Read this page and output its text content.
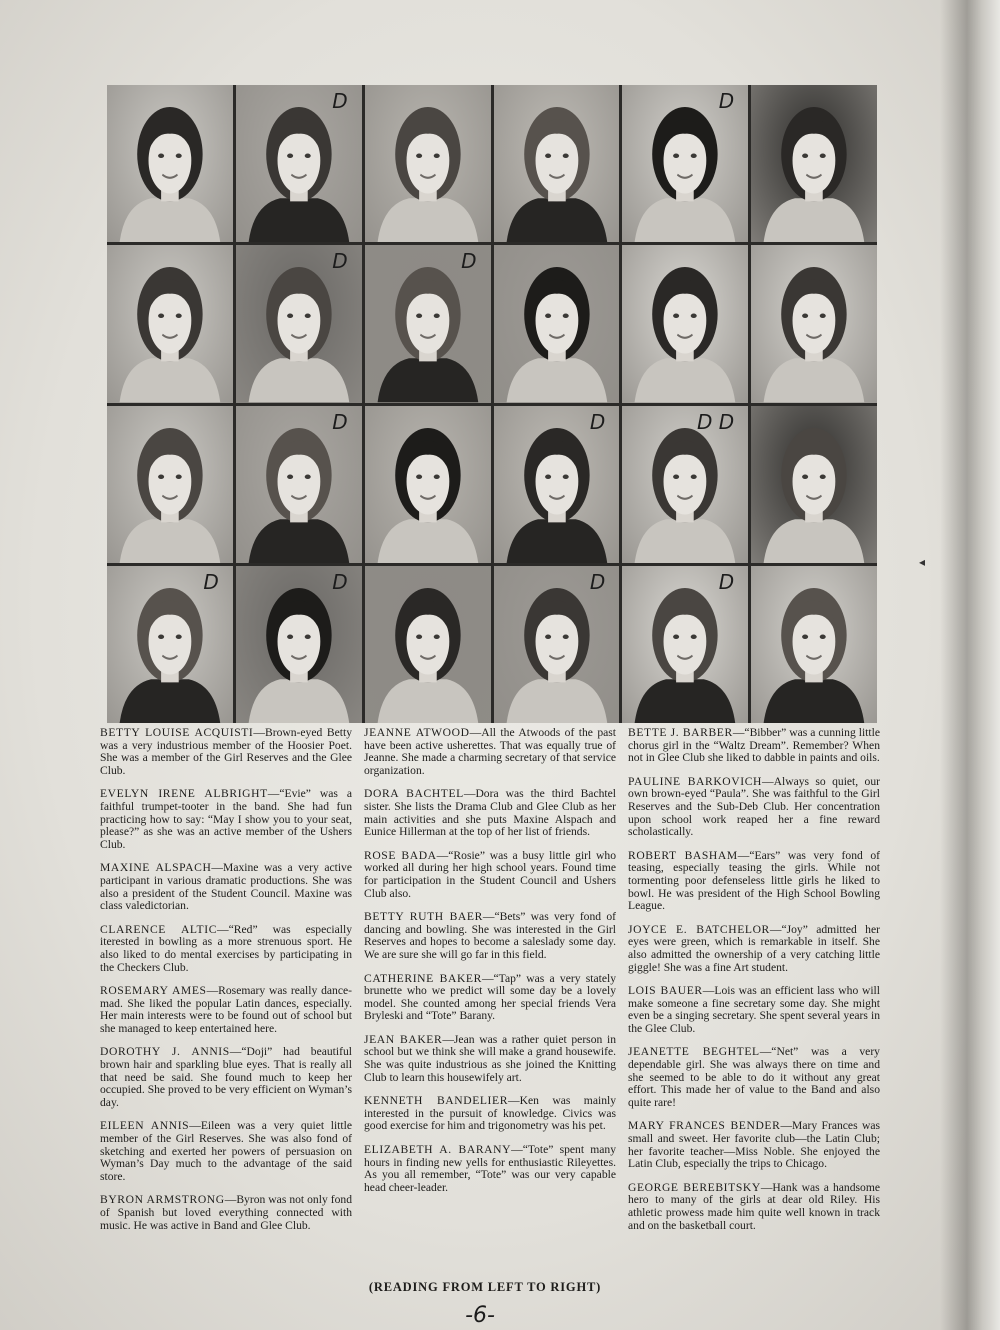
D	D
D	D
D	D	D D
D	D	D	D

BETTY LOUISE ACQUISTI—Brown-eyed Betty was a very industrious member of the Hoosier Poet. She was a member of the Girl Reserves and the Glee Club.

EVELYN IRENE ALBRIGHT—“Evie” was a faithful trumpet-tooter in the band. She had fun practicing how to say: “May I show you to your seat, please?” as she was an active member of the Ushers Club.

MAXINE ALSPACH—Maxine was a very active participant in various dramatic productions. She was also a president of the Student Council. Maxine was class valedictorian.

CLARENCE ALTIC—“Red” was especially iterested in bowling as a more strenuous sport. He also liked to do mental exercises by participating in the Checkers Club.

ROSEMARY AMES—Rosemary was really dance-mad. She liked the popular Latin dances, especially. Her main interests were to be found out of school but she managed to keep entertained here.

DOROTHY J. ANNIS—“Doji” had beautiful brown hair and sparkling blue eyes. That is really all that need be said. She found much to keep her occupied. She proved to be very efficient on Wyman’s day.

EILEEN ANNIS—Eileen was a very quiet little member of the Girl Reserves. She was also fond of sketching and exerted her powers of persuasion on Wyman’s Day much to the advantage of the said store.

BYRON ARMSTRONG—Byron was not only fond of Spanish but loved everything connected with music. He was active in Band and Glee Club.

JEANNE ATWOOD—All the Atwoods of the past have been active usherettes. That was equally true of Jeanne. She made a charming secretary of that service organization.

DORA BACHTEL—Dora was the third Bachtel sister. She lists the Drama Club and Glee Club as her main activities and she puts Maxine Alspach and Eunice Hillerman at the top of her list of friends.

ROSE BADA—“Rosie” was a busy little girl who worked all during her high school years. Found time for participation in the Student Council and Ushers Club also.

BETTY RUTH BAER—“Bets” was very fond of dancing and bowling. She was interested in the Girl Reserves and hopes to become a saleslady some day. We are sure she will go far in this field.

CATHERINE BAKER—“Tap” was a very stately brunette who we predict will some day be a lovely model. She counted among her special friends Vera Bryleski and “Tote” Barany.

JEAN BAKER—Jean was a rather quiet person in school but we think she will make a grand housewife. She was quite industrious as she joined the Knitting Club to learn this housewifely art.

KENNETH BANDELIER—Ken was mainly interested in the pursuit of knowledge. Civics was good exercise for him and trigonometry was his pet.

ELIZABETH A. BARANY—“Tote” spent many hours in finding new yells for enthusiastic Rileyettes. As you all remember, “Tote” was our very capable head cheer-leader.

BETTE J. BARBER—“Bibber” was a cunning little chorus girl in the “Waltz Dream”. Remember? When not in Glee Club she liked to dabble in paints and oils.

PAULINE BARKOVICH—Always so quiet, our own brown-eyed “Paula”. She was faithful to the Girl Reserves and the Sub-Deb Club. Her concentration upon school work reaped her a fine reward scholastically.

ROBERT BASHAM—“Ears” was very fond of teasing, especially teasing the girls. While not tormenting poor defenseless little girls he liked to bowl. He was president of the High School Bowling League.

JOYCE E. BATCHELOR—“Joy” admitted her eyes were green, which is remarkable in itself. She also admitted the ownership of a very catching little giggle! She was a fine Art student.

LOIS BAUER—Lois was an efficient lass who will make someone a fine secretary some day. She might even be a singing secretary. She spent several years in the Glee Club.

JEANETTE BEGHTEL—“Net” was a very dependable girl. She was always there on time and she seemed to be able to do it without any great effort. This made her of value to the Band and also quite rare!

MARY FRANCES BENDER—Mary Frances was small and sweet. Her favorite club—the Latin Club; her favorite teacher—Miss Noble. She enjoyed the Latin Club, especially the trips to Chicago.

GEORGE BEREBITSKY—Hank was a handsome hero to many of the girls at dear old Riley. His athletic prowess made him quite well known in track and on the basketball court.

(READING FROM LEFT TO RIGHT)
-6-
◂
